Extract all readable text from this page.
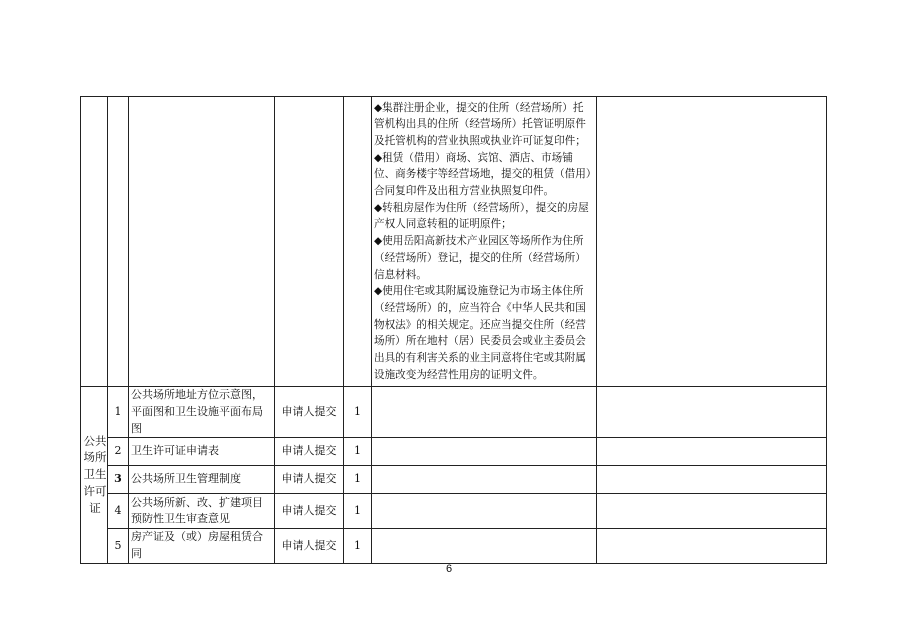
					◆集群注册企业，提交的住所（经营场所）托管机构出具的住所（经营场所）托管证明原件及托管机构的营业执照或执业许可证复印件；

◆租赁（借用）商场、宾馆、酒店、市场铺位、商务楼宇等经营场地，提交的租赁（借用）合同复印件及出租方营业执照复印件。

◆转租房屋作为住所（经营场所），提交的房屋产权人同意转租的证明原件；

◆使用岳阳高新技术产业园区等场所作为住所（经营场所）登记，提交的住所（经营场所）信息材料。

◆使用住宅或其附属设施登记为市场主体住所（经营场所）的，应当符合《中华人民共和国物权法》的相关规定。还应当提交住所（经营场所）所在地村（居）民委员会或业主委员会出具的有利害关系的业主同意将住宅或其附属设施改变为经营性用房的证明文件。	

公共场所卫生许可证	1	公共场所地址方位示意图，平面图和卫生设施平面布局图	申请人提交	1		
	2	卫生许可证申请表	申请人提交	1		
	3	公共场所卫生管理制度	申请人提交	1		
	4	公共场所新、改、扩建项目预防性卫生审查意见	申请人提交	1		
	5	房产证及（或）房屋租赁合同	申请人提交	1		
6
